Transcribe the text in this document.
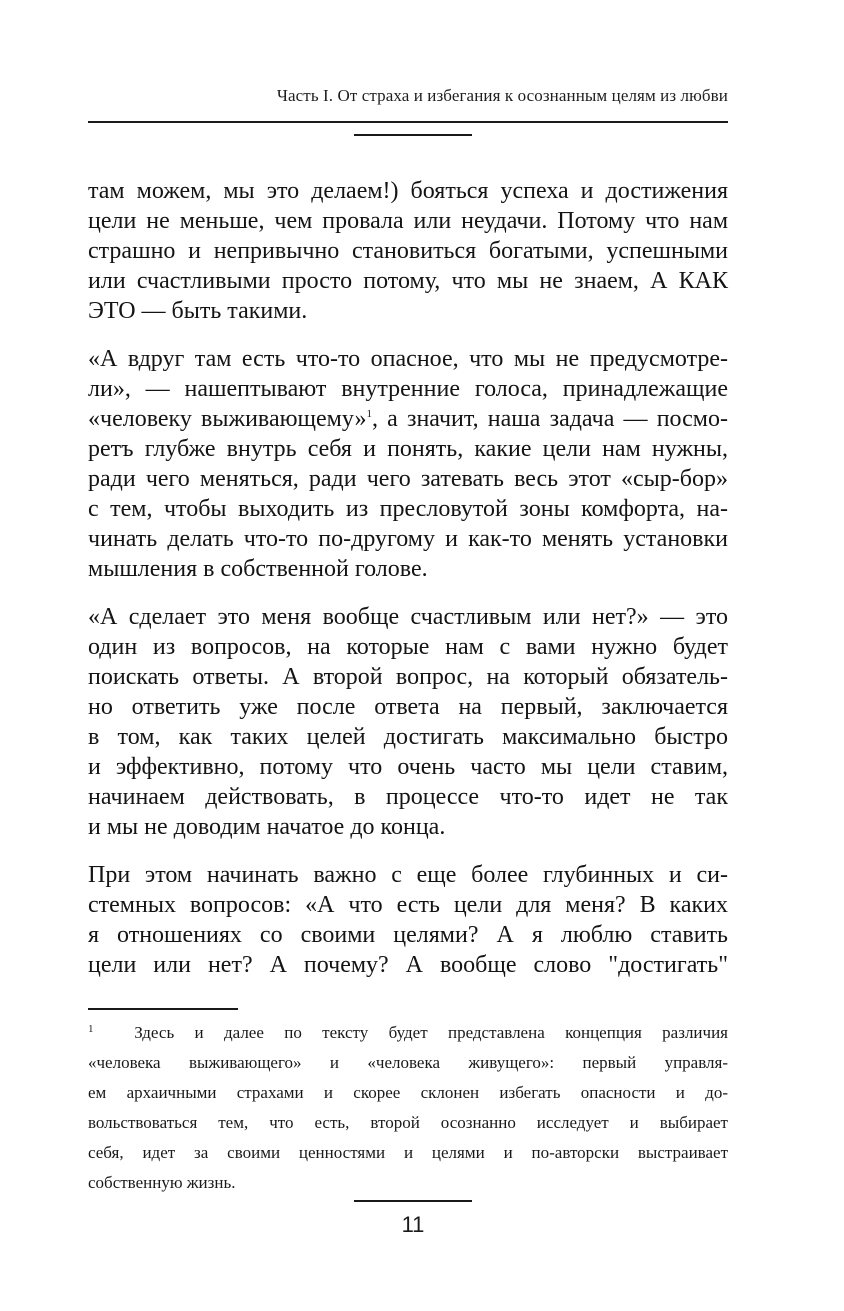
Часть I. От страха и избегания к осознанным целям из любви
там можем, мы это делаем!) бояться успеха и достижения
цели не меньше, чем провала или неудачи. Потому что нам
страшно и непривычно становиться богатыми, успешными
или счастливыми просто потому, что мы не знаем, А КАК
ЭТО — быть такими.
«А вдруг там есть что-то опасное, что мы не предусмотре-
ли», — нашептывают внутренние голоса, принадлежащие
«человеку выживающему»$^1$, а значит, наша задача — посмо-
ретъ глубже внутрь себя и понять, какие цели нам нужны,
ради чего меняться, ради чего затевать весь этот «сыр-бор»
с тем, чтобы выходить из пресловутой зоны комфорта, на-
чинать делать что-то по-другому и как-то менять установки
мышления в собственной голове.
«А сделает это меня вообще счастливым или нет?» — это
один из вопросов, на которые нам с вами нужно будет
поискать ответы. А второй вопрос, на который обязатель-
но ответить уже после ответа на первый, заключается
в том, как таких целей достигать максимально быстро
и эффективно, потому что очень часто мы цели ставим,
начинаем действовать, в процессе что-то идет не так
и мы не доводим начатое до конца.
При этом начинать важно с еще более глубинных и си-
стемных вопросов: «А что есть цели для меня? В каких
я отношениях со своими целями? А я люблю ставить
цели или нет? А почему? А вообще слово "достигать"
$^1$ Здесь и далее по тексту будет представлена концепция различия
«человека выживающего» и «человека живущего»: первый управля-
ем архаичными страхами и скорее склонен избегать опасности и до-
вольствоваться тем, что есть, второй осознанно исследует и выбирает
себя, идет за своими ценностями и целями и по-авторски выстраивает
собственную жизнь.
11
